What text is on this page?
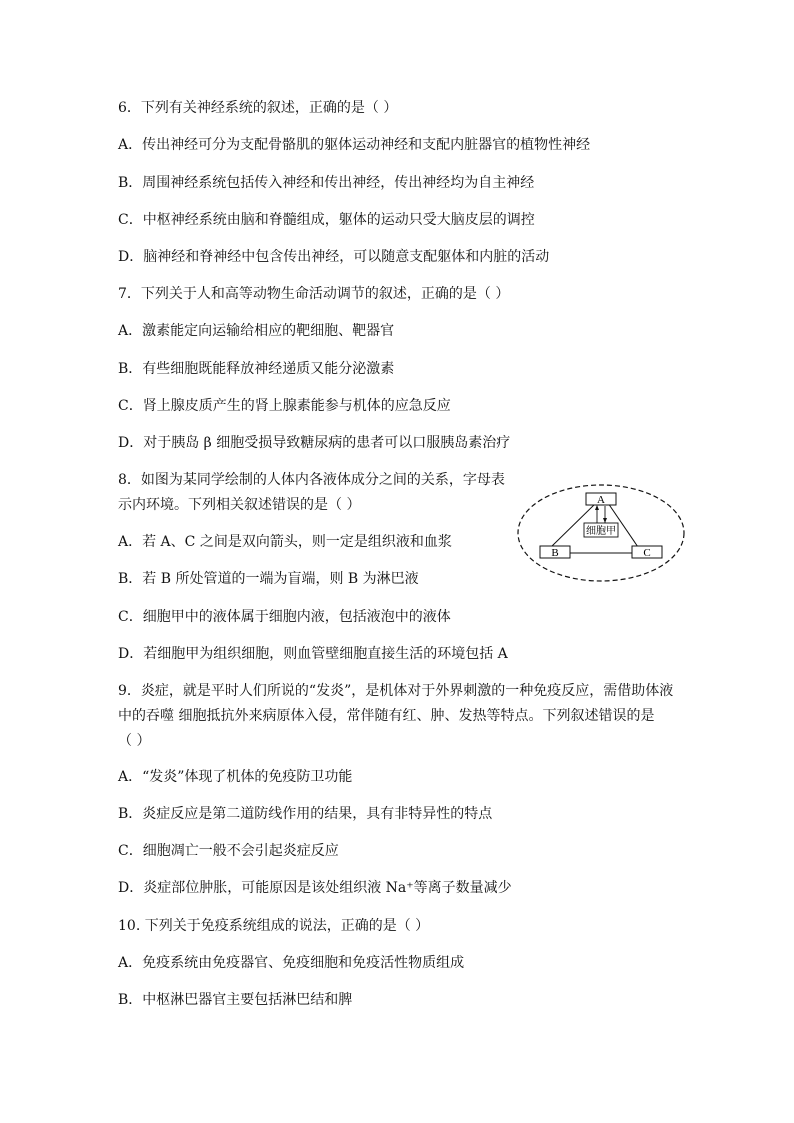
6．下列有关神经系统的叙述，正确的是（ ）
A．传出神经可分为支配骨骼肌的躯体运动神经和支配内脏器官的植物性神经
B．周围神经系统包括传入神经和传出神经，传出神经均为自主神经
C．中枢神经系统由脑和脊髓组成，躯体的运动只受大脑皮层的调控
D．脑神经和脊神经中包含传出神经，可以随意支配躯体和内脏的活动
7．下列关于人和高等动物生命活动调节的叙述，正确的是（ ）
A．激素能定向运输给相应的靶细胞、靶器官
B．有些细胞既能释放神经递质又能分泌激素
C．肾上腺皮质产生的肾上腺素能参与机体的应急反应
D．对于胰岛 β 细胞受损导致糖尿病的患者可以口服胰岛素治疗
8．如图为某同学绘制的人体内各液体成分之间的关系，字母表
示内环境。下列相关叙述错误的是（ ）
A．若 A、C 之间是双向箭头，则一定是组织液和血浆
B．若 B 所处管道的一端为盲端，则 B 为淋巴液
C．细胞甲中的液体属于细胞内液，包括液泡中的液体
D．若细胞甲为组织细胞，则血管壁细胞直接生活的环境包括 A
A
细胞甲
B	C
9．炎症，就是平时人们所说的“发炎”，是机体对于外界刺激的一种免疫反应，需借助体液
中的吞噬 细胞抵抗外来病原体入侵，常伴随有红、肿、发热等特点。下列叙述错误的是
（ ）
A．“发炎”体现了机体的免疫防卫功能
B．炎症反应是第二道防线作用的结果，具有非特异性的特点
C．细胞凋亡一般不会引起炎症反应
D．炎症部位肿胀，可能原因是该处组织液 Na⁺等离子数量减少
10. 下列关于免疫系统组成的说法，正确的是（ ）
A．免疫系统由免疫器官、免疫细胞和免疫活性物质组成
B．中枢淋巴器官主要包括淋巴结和脾
